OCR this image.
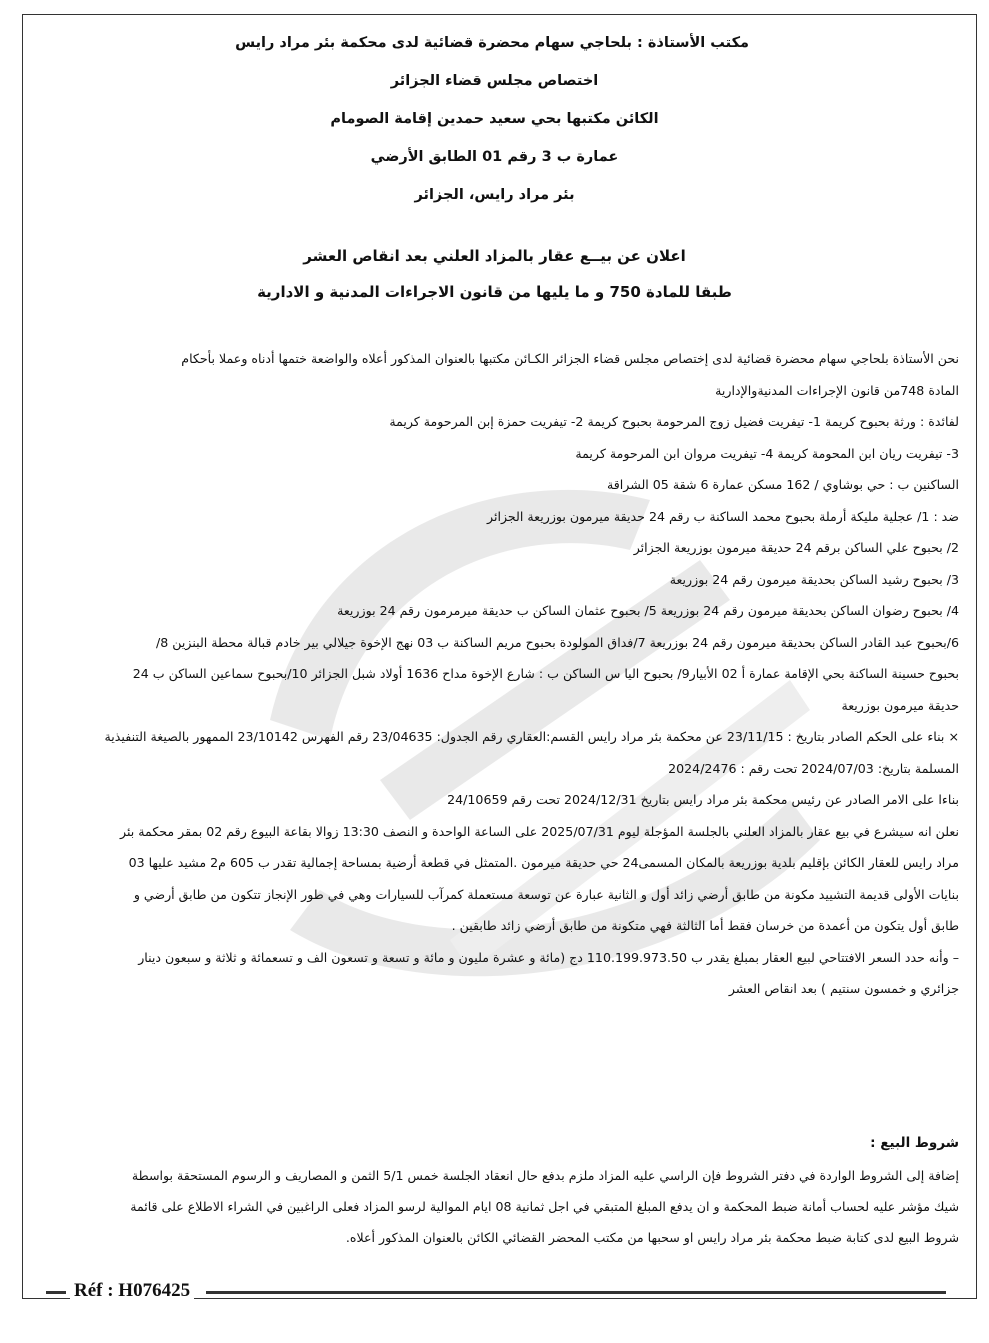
مكتب الأستاذة : بلحاجي سهام محضرة قضائية لدى محكمة بئر مراد رايس
اختصاص مجلس قضاء الجزائر
الكائن مكتبها بحي سعيد حمدين إقامة الصومام
عمارة ب 3 رقم 01 الطابق الأرضي
بئر مراد رايس، الجزائر
اعلان عن بيــع عقار بالمزاد العلني بعد انقاص العشر
طبقا للمادة 750 و ما يليها من قانون الاجراءات المدنية و الادارية
نحن الأستاذة بلحاجي سهام محضرة قضائية لدى إختصاص مجلس قضاء الجزائر الكـائن مكتبها بالعنوان المذكور أعلاه والواضعة ختمها أدناه وعملا بأحكام
المادة 748من قانون الإجراءات المدنيةوالإدارية
لفائدة : ورثة بحبوح كريمة 1- تيفريت فضيل زوج المرحومة بحبوح كريمة 2- تيفريت حمزة إبن المرحومة كريمة
3- تيفريت ريان ابن المحومة كريمة 4- تيفريت مروان ابن المرحومة كريمة
الساكنين ب : حي بوشاوي / 162 مسكن عمارة 6 شقة 05 الشراقة
ضد : 1/ عجلية مليكة أرملة بحبوح محمد الساكنة ب رقم 24 حديقة ميرمون بوزريعة الجزائر
2/ بحبوح علي الساكن برقم 24 حديقة ميرمون بوزريعة الجزائر
3/ بحبوح رشيد الساكن بحديقة ميرمون رقم 24 بوزريعة
4/ بحبوح رضوان الساكن بحديقة ميرمون رقم 24 بوزريعة 5/ بحبوح عثمان الساكن ب حديقة ميرمرمون رقم 24 بوزريعة
6/بحبوح عبد القادر الساكن بحديقة ميرمون رقم 24 بوزريعة 7/فداق المولودة بحبوح مريم الساكنة ب 03 نهج الإخوة جيلالي بير خادم قبالة محطة البنزين 8/
بحبوح حسينة الساكنة بحي الإقامة عمارة أ 02 الأبيار9/ بحبوح اليا س الساكن ب : شارع الإخوة مداح 1636 أولاد شبل الجزائر 10/بحبوح سماعين الساكن ب 24
حديقة ميرمون بوزريعة
× بناء على الحكم الصادر بتاريخ : 23/11/15 عن محكمة بئر مراد رايس القسم:العقاري رقم الجدول: 23/04635 رقم الفهرس 23/10142 الممهور بالصيغة التنفيذية
المسلمة بتاريخ: 2024/07/03 تحت رقم : 2024/2476
بناءا على الامر الصادر عن رئيس محكمة بئر مراد رايس بتاريخ 2024/12/31 تحت رقم 24/10659
نعلن انه سيشرع في بيع عقار بالمزاد العلني بالجلسة المؤجلة ليوم 2025/07/31 على الساعة الواحدة و النصف 13:30 زوالا بقاعة البيوع رقم 02 بمقر محكمة بئر
مراد رايس للعقار الكائن بإقليم بلدية بوزريعة بالمكان المسمى24 حي حديقة ميرمون .المتمثل في قطعة أرضية بمساحة إجمالية تقدر ب 605 م2 مشيد عليها 03
بنايات الأولى قديمة التشييد مكونة من طابق أرضي زائد أول و الثانية عبارة عن توسعة مستعملة كمرآب للسيارات وهي في طور الإنجاز تتكون من طابق أرضي و
طابق أول يتكون من أعمدة من خرسان فقط أما الثالثة فهي متكونة من طابق أرضي زائد طابقين .
– وأنه حدد السعر الافتتاحي لبيع العقار بمبلغ يقدر ب 110.199.973.50 دج (مائة و عشرة مليون و مائة و تسعة و تسعون الف و تسعمائة و ثلاثة و سبعون دينار
جزائري و خمسون سنتيم ) بعد انقاص العشر
شروط البيع :
إضافة إلى الشروط الواردة في دفتر الشروط فإن الراسي عليه المزاد ملزم بدفع حال انعقاد الجلسة خمس 5/1 الثمن و المصاريف و الرسوم المستحقة بواسطة
شيك مؤشر عليه لحساب أمانة ضبط المحكمة و ان يدفع المبلغ المتبقي في اجل ثمانية 08 ايام الموالية لرسو المزاد فعلى الراغبين في الشراء الاطلاع على قائمة
شروط البيع لدى كتابة ضبط محكمة بئر مراد رايس او سحبها من مكتب المحضر القضائي الكائن بالعنوان المذكور أعلاه.
Réf : H076425
